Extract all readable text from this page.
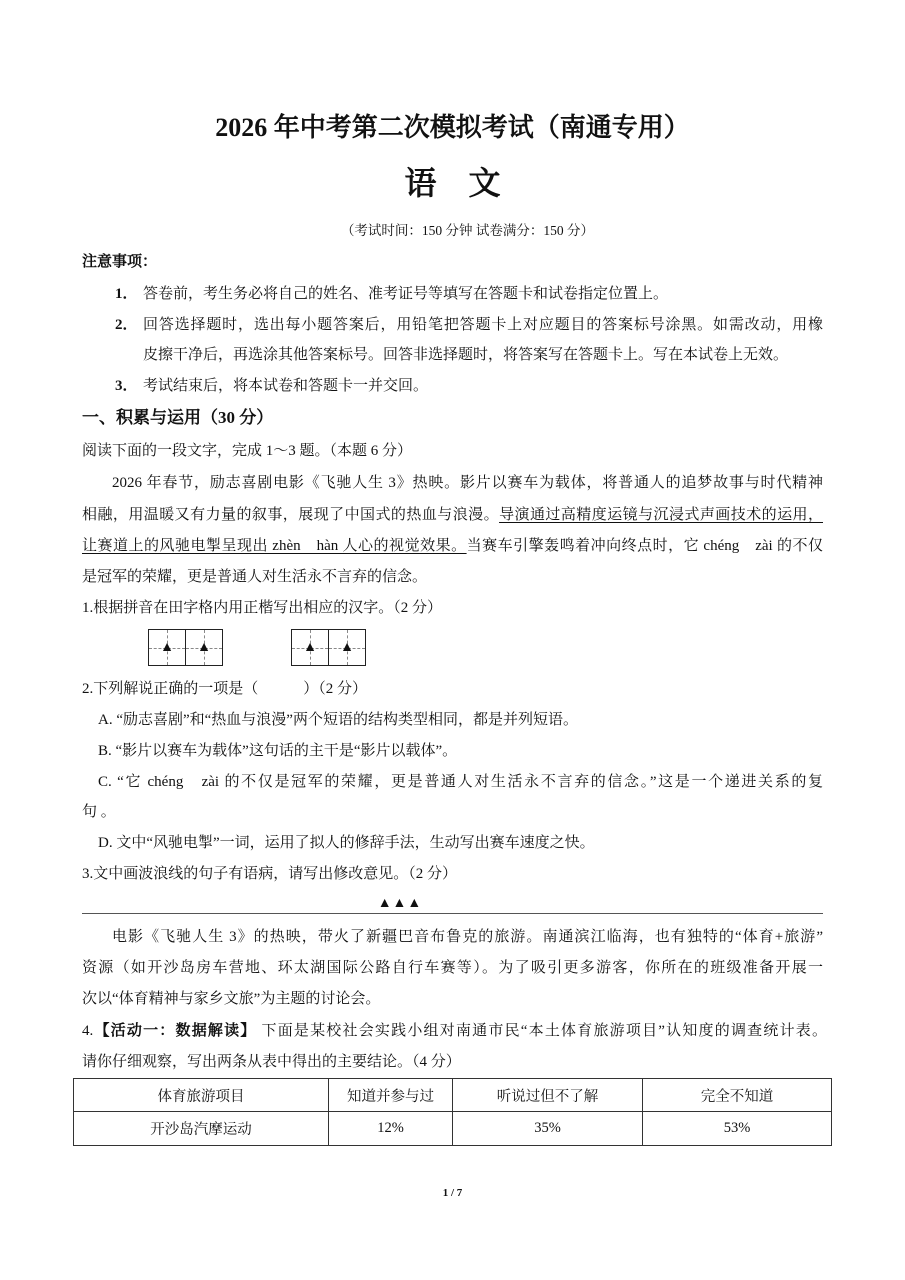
2026 年中考第二次模拟考试（南通专用）
语　文
（考试时间：150 分钟 试卷满分：150 分）
注意事项：
1． 答卷前，考生务必将自己的姓名、准考证号等填写在答题卡和试卷指定位置上。
2． 回答选择题时，选出每小题答案后，用铅笔把答题卡上对应题目的答案标号涂黑。如需改动，用橡
皮擦干净后，再选涂其他答案标号。回答非选择题时，将答案写在答题卡上。写在本试卷上无效。
3． 考试结束后，将本试卷和答题卡一并交回。
一、积累与运用（30 分）
阅读下面的一段文字，完成 1～3 题。（本题 6 分）
2026 年春节，励志喜剧电影《飞驰人生 3》热映。影片以赛车为载体，将普通人的追梦故事与时代精神
相融，用温暖又有力量的叙事，展现了中国式的热血与浪漫。导演通过高精度运镜与沉浸式声画技术的运用，
让赛道上的风驰电掣呈现出 zhèn　hàn 人心的视觉效果。当赛车引擎轰鸣着冲向终点时，它 chéng　zài 的不仅
是冠军的荣耀，更是普通人对生活永不言弃的信念。
1.根据拼音在田字格内用正楷写出相应的汉字。（2 分）
▲ ▲	▲ ▲
2.下列解说正确的一项是（　　　）（2 分）
A. “励志喜剧”和“热血与浪漫”两个短语的结构类型相同，都是并列短语。
B. “影片以赛车为载体”这句话的主干是“影片以载体”。
C. “它 chéng　zài 的不仅是冠军的荣耀，更是普通人对生活永不言弃的信念。”这是一个递进关系的复
句 。
D. 文中“风驰电掣”一词，运用了拟人的修辞手法，生动写出赛车速度之快。
3.文中画波浪线的句子有语病，请写出修改意见。（2 分）
▲▲▲
电影《飞驰人生 3》的热映，带火了新疆巴音布鲁克的旅游。南通滨江临海，也有独特的“体育+旅游”
资源（如开沙岛房车营地、环太湖国际公路自行车赛等）。为了吸引更多游客，你所在的班级准备开展一
次以“体育精神与家乡文旅”为主题的讨论会。
4.【活动一：数据解读】 下面是某校社会实践小组对南通市民“本土体育旅游项目”认知度的调查统计表。
请你仔细观察，写出两条从表中得出的主要结论。（4 分）
体育旅游项目	知道并参与过	听说过但不了解	完全不知道
开沙岛汽摩运动	12%	35%	53%
1 / 7
